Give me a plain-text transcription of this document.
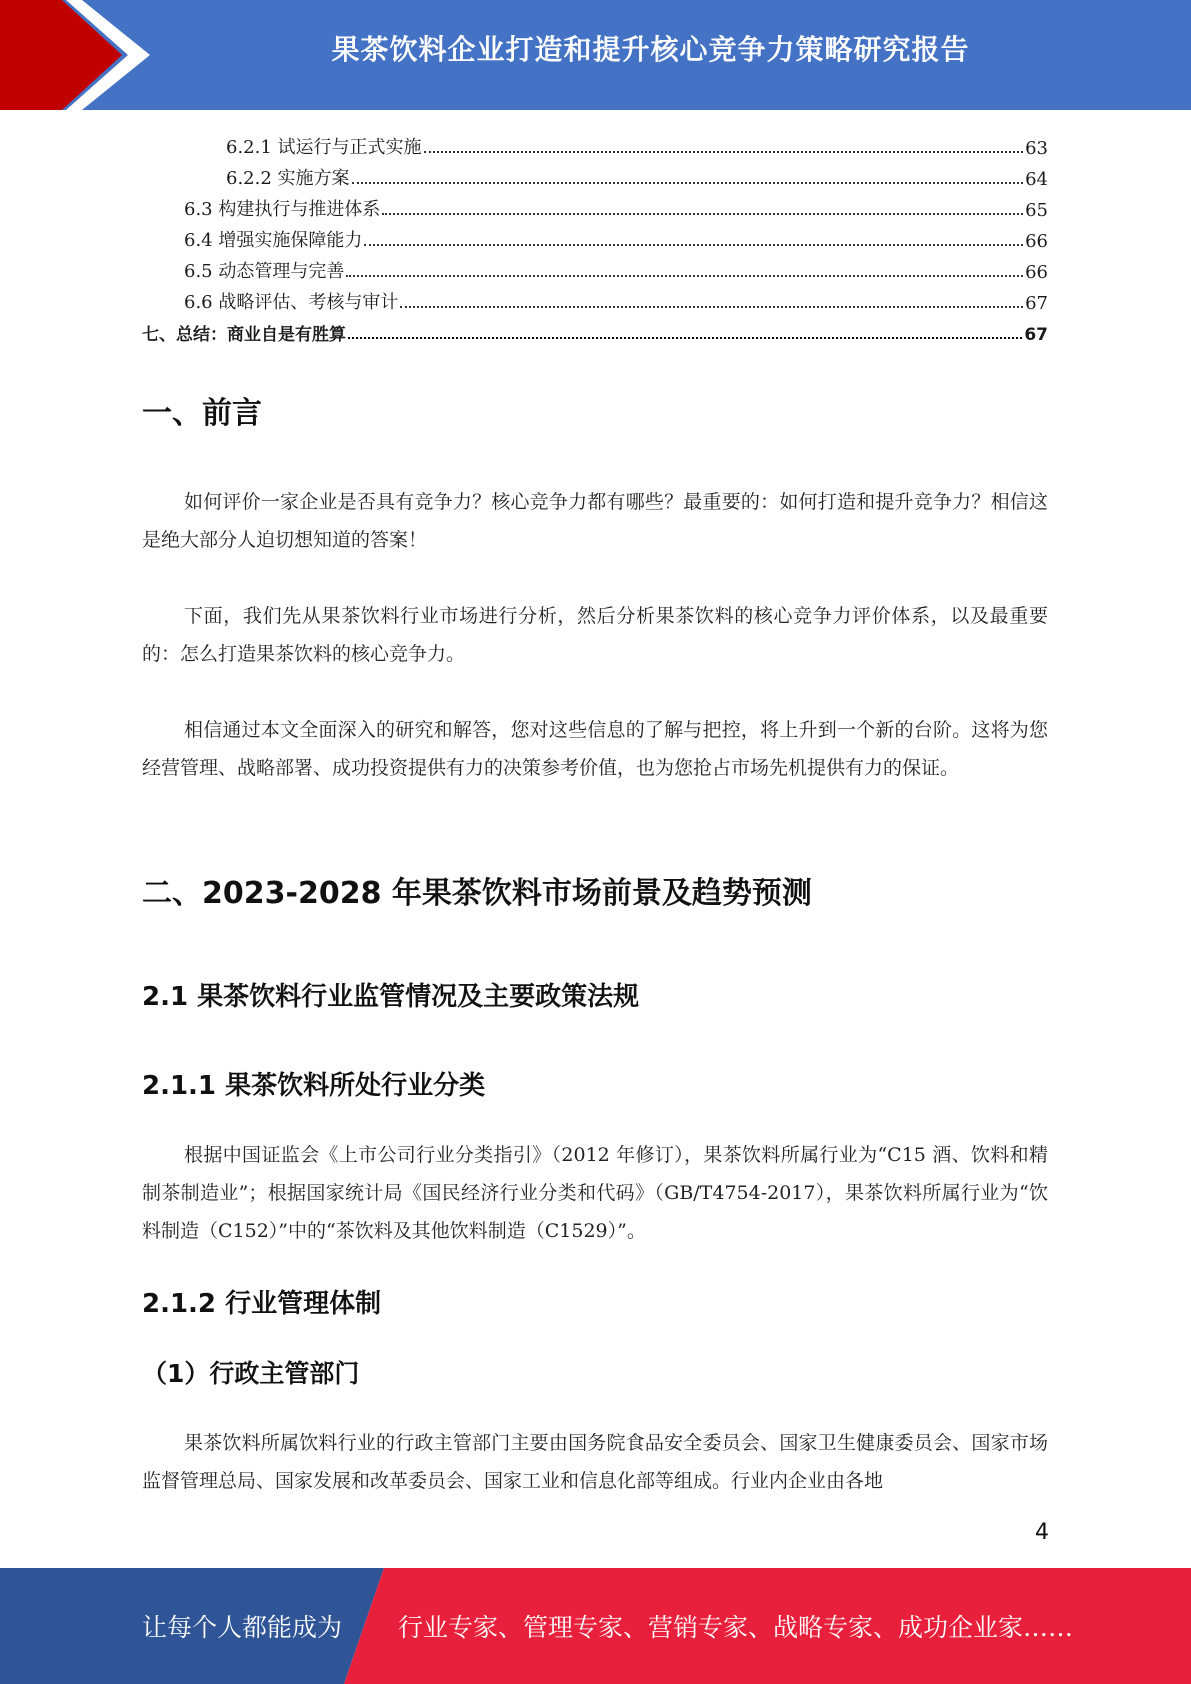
果茶饮料企业打造和提升核心竞争力策略研究报告
6.2.1 试运行与正式实施	63
6.2.2 实施方案	64
6.3 构建执行与推进体系	65
6.4 增强实施保障能力	66
6.5 动态管理与完善	66
6.6 战略评估、考核与审计	67
七、总结：商业自是有胜算	67
一、前言
如何评价一家企业是否具有竞争力？核心竞争力都有哪些？最重要的：如何打造和提升竞争力？相信这是绝大部分人迫切想知道的答案！
下面，我们先从果茶饮料行业市场进行分析，然后分析果茶饮料的核心竞争力评价体系，以及最重要的：怎么打造果茶饮料的核心竞争力。
相信通过本文全面深入的研究和解答，您对这些信息的了解与把控，将上升到一个新的台阶。这将为您经营管理、战略部署、成功投资提供有力的决策参考价值，也为您抢占市场先机提供有力的保证。
二、2023-2028 年果茶饮料市场前景及趋势预测
2.1 果茶饮料行业监管情况及主要政策法规
2.1.1 果茶饮料所处行业分类
根据中国证监会《上市公司行业分类指引》（2012 年修订），果茶饮料所属行业为“C15 酒、饮料和精制茶制造业”；根据国家统计局《国民经济行业分类和代码》（GB/T4754-2017），果茶饮料所属行业为“饮料制造（C152）”中的“茶饮料及其他饮料制造（C1529）”。
2.1.2 行业管理体制
（1）行政主管部门
果茶饮料所属饮料行业的行政主管部门主要由国务院食品安全委员会、国家卫生健康委员会、国家市场监督管理总局、国家发展和改革委员会、国家工业和信息化部等组成。行业内企业由各地
4
让每个人都能成为 行业专家、管理专家、营销专家、战略专家、成功企业家……
